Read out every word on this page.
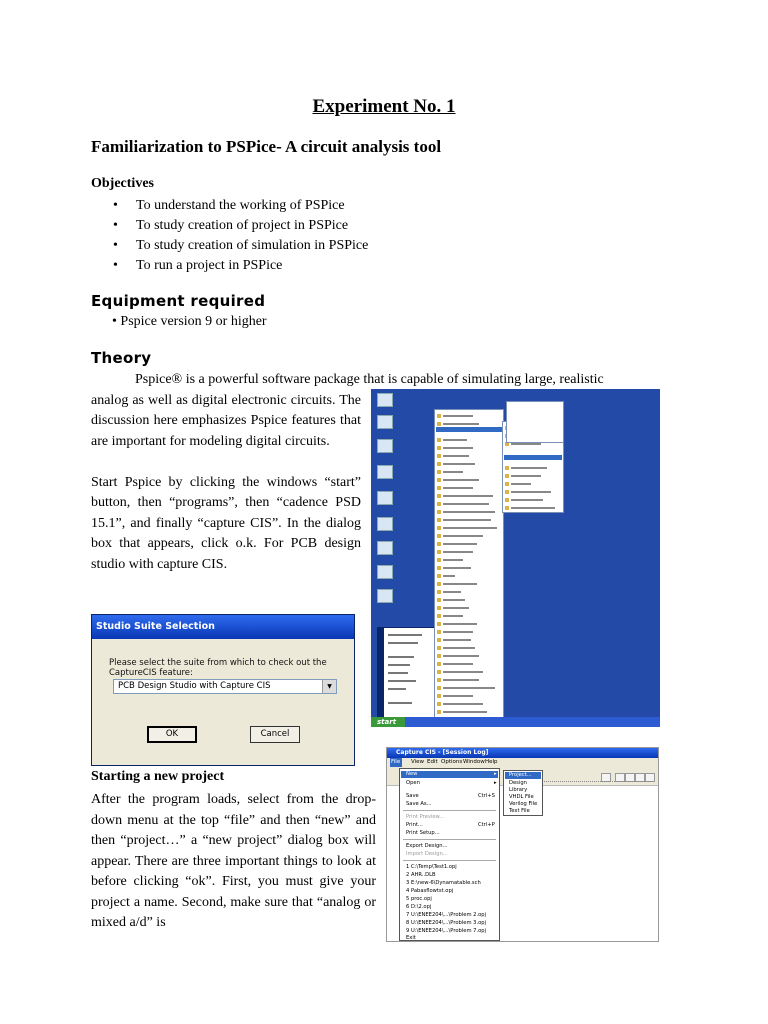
Experiment No. 1
Familiarization to PSPice- A circuit analysis tool
Objectives
• To understand the working of PSPice
• To study creation of project in PSPice
• To study creation of simulation in PSPice
• To run a project in PSPice
Equipment required
• Pspice version 9 or higher
Theory
Pspice® is a powerful software package that is capable of simulating large, realistic
analog as well as digital electronic circuits. The discussion here emphasizes Pspice features that are important for modeling digital circuits.
Start Pspice by clicking the windows “start” button, then “programs”, then “cadence PSD 15.1”, and finally “capture CIS”. In the dialog box that appears, click o.k. For PCB design studio with capture CIS.
start
Studio Suite Selection
Please select the suite from which to check out the CaptureCIS feature:
PCB Design Studio with Capture CIS	▼
OK	Cancel
Starting a new project
After the program loads, select from the drop-down menu at the top “file” and then “new” and then “project…” a “new project” dialog box will appear. There are three important things to look at before clicking “ok”. First, you must give your project a name. Second, make sure that “analog or mixed a/d” is
Capture CIS - [Session Log]
File	View Edit Options Window Help
New	▸
Open	▸
Save	Ctrl+S
Save As...
Print Preview...
Print...	Ctrl+P
Print Setup...
Export Design...
Import Design...
1 C:\Temp\Test1.opj
2 AHR..DLB
3 E:\new-6\Dynamatable.sch
4 Pabasflowtst.opj
5 proc.opj
6 D:\2.opj
7 U:\ENEE204\...\Problem 2.opj
8 U:\ENEE204\...\Problem 3.opj
9 U:\ENEE204\...\Problem 7.opj
Exit
Project...
Design
Library
VHDL File
Verilog File
Text File
